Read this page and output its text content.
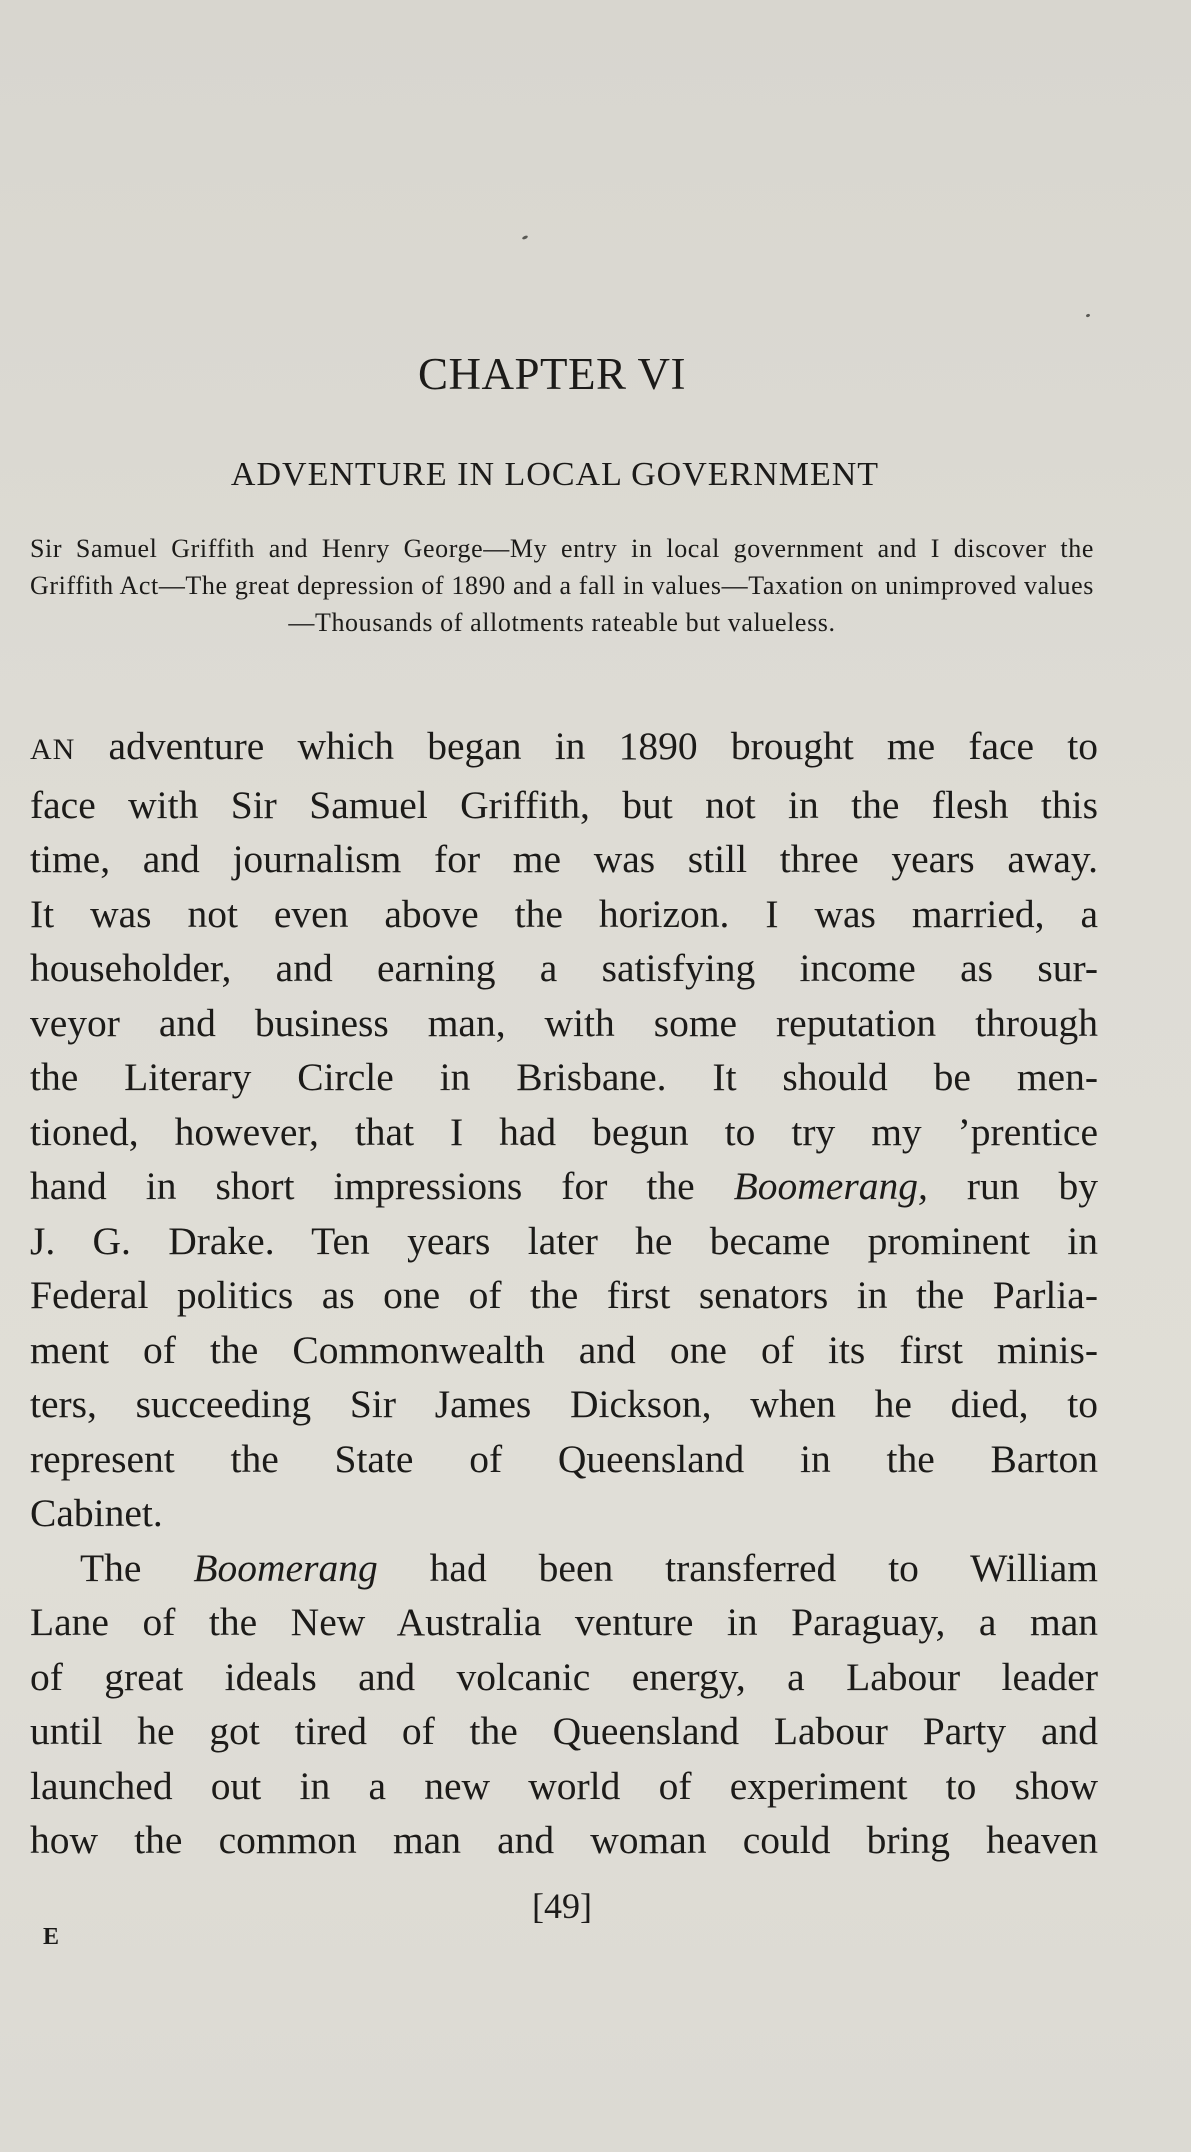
CHAPTER VI
ADVENTURE IN LOCAL GOVERNMENT
Sir Samuel Griffith and Henry George—My entry in local government and I discover the Griffith Act—The great depression of 1890 and a fall in values—Taxation on unimproved values—Thousands of allotments rateable but valueless.

AN adventure which began in 1890 brought me face to
face with Sir Samuel Griffith, but not in the flesh this
time, and journalism for me was still three years away.
It was not even above the horizon. I was married, a
householder, and earning a satisfying income as sur-
veyor and business man, with some reputation through
the Literary Circle in Brisbane. It should be men-
tioned, however, that I had begun to try my ’prentice
hand in short impressions for the Boomerang, run by
J. G. Drake. Ten years later he became prominent in
Federal politics as one of the first senators in the Parlia-
ment of the Commonwealth and one of its first minis-
ters, succeeding Sir James Dickson, when he died, to
represent the State of Queensland in the Barton
Cabinet.

The Boomerang had been transferred to William
Lane of the New Australia venture in Paraguay, a man
of great ideals and volcanic energy, a Labour leader
until he got tired of the Queensland Labour Party and
launched out in a new world of experiment to show
how the common man and woman could bring heaven

[49]
E
